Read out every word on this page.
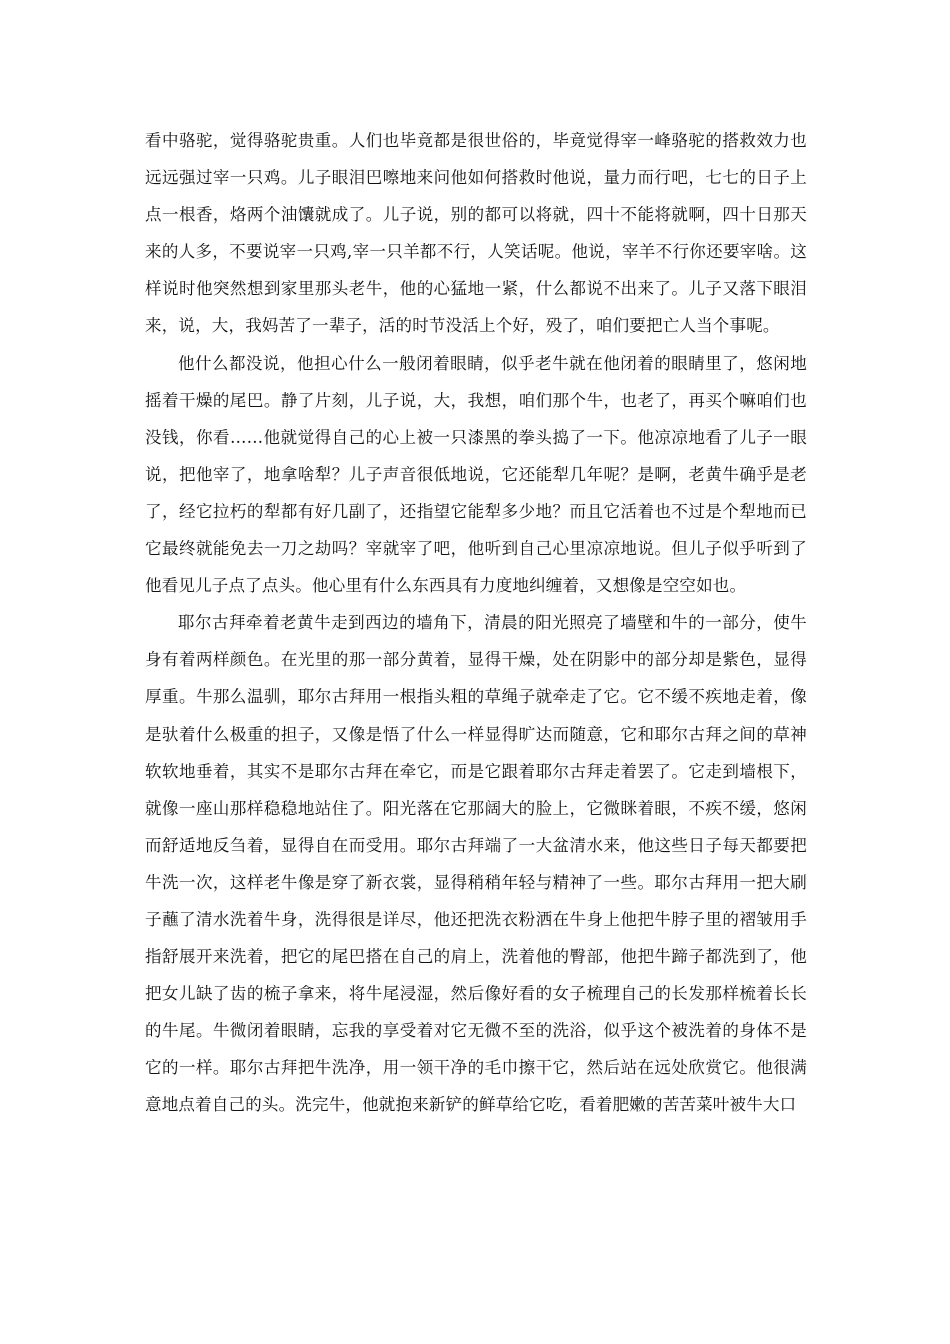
看中骆驼，觉得骆驼贵重。人们也毕竟都是很世俗的，毕竟觉得宰一峰骆驼的搭救效力也远远强过宰一只鸡。儿子眼泪巴嚓地来问他如何搭救时他说，量力而行吧，七七的日子上点一根香，烙两个油馕就成了。儿子说，别的都可以将就，四十不能将就啊，四十日那天来的人多，不要说宰一只鸡,宰一只羊都不行，人笑话呢。他说，宰羊不行你还要宰啥。这样说时他突然想到家里那头老牛，他的心猛地一紧，什么都说不出来了。儿子又落下眼泪来，说，大，我妈苦了一辈子，活的时节没活上个好，殁了，咱们要把亡人当个事呢。

他什么都没说，他担心什么一般闭着眼睛，似乎老牛就在他闭着的眼睛里了，悠闲地摇着干燥的尾巴。静了片刻，儿子说，大，我想，咱们那个牛，也老了，再买个嘛咱们也没钱，你看……他就觉得自己的心上被一只漆黑的拳头捣了一下。他凉凉地看了儿子一眼说，把他宰了，地拿啥犁？儿子声音很低地说，它还能犁几年呢？是啊，老黄牛确乎是老了，经它拉朽的犁都有好几副了，还指望它能犁多少地？而且它活着也不过是个犁地而已它最终就能免去一刀之劫吗？宰就宰了吧，他听到自己心里凉凉地说。但儿子似乎听到了他看见儿子点了点头。他心里有什么东西具有力度地纠缠着，又想像是空空如也。

耶尔古拜牵着老黄牛走到西边的墙角下，清晨的阳光照亮了墙壁和牛的一部分，使牛身有着两样颜色。在光里的那一部分黄着，显得干燥，处在阴影中的部分却是紫色，显得厚重。牛那么温驯，耶尔古拜用一根指头粗的草绳子就牵走了它。它不缓不疾地走着，像是驮着什么极重的担子，又像是悟了什么一样显得旷达而随意，它和耶尔古拜之间的草神软软地垂着，其实不是耶尔古拜在牵它，而是它跟着耶尔古拜走着罢了。它走到墙根下，就像一座山那样稳稳地站住了。阳光落在它那阔大的脸上，它微眯着眼，不疾不缓，悠闲而舒适地反刍着，显得自在而受用。耶尔古拜端了一大盆清水来，他这些日子每天都要把牛洗一次，这样老牛像是穿了新衣裳，显得稍稍年轻与精神了一些。耶尔古拜用一把大刷子蘸了清水洗着牛身，洗得很是详尽，他还把洗衣粉洒在牛身上他把牛脖子里的褶皱用手指舒展开来洗着，把它的尾巴搭在自己的肩上，洗着他的臀部，他把牛蹄子都洗到了，他把女儿缺了齿的梳子拿来，将牛尾浸湿，然后像好看的女子梳理自己的长发那样梳着长长的牛尾。牛微闭着眼睛，忘我的享受着对它无微不至的洗浴，似乎这个被洗着的身体不是它的一样。耶尔古拜把牛洗净，用一领干净的毛巾擦干它，然后站在远处欣赏它。他很满意地点着自己的头。洗完牛，他就抱来新铲的鲜草给它吃，看着肥嫩的苦苦菜叶被牛大口
